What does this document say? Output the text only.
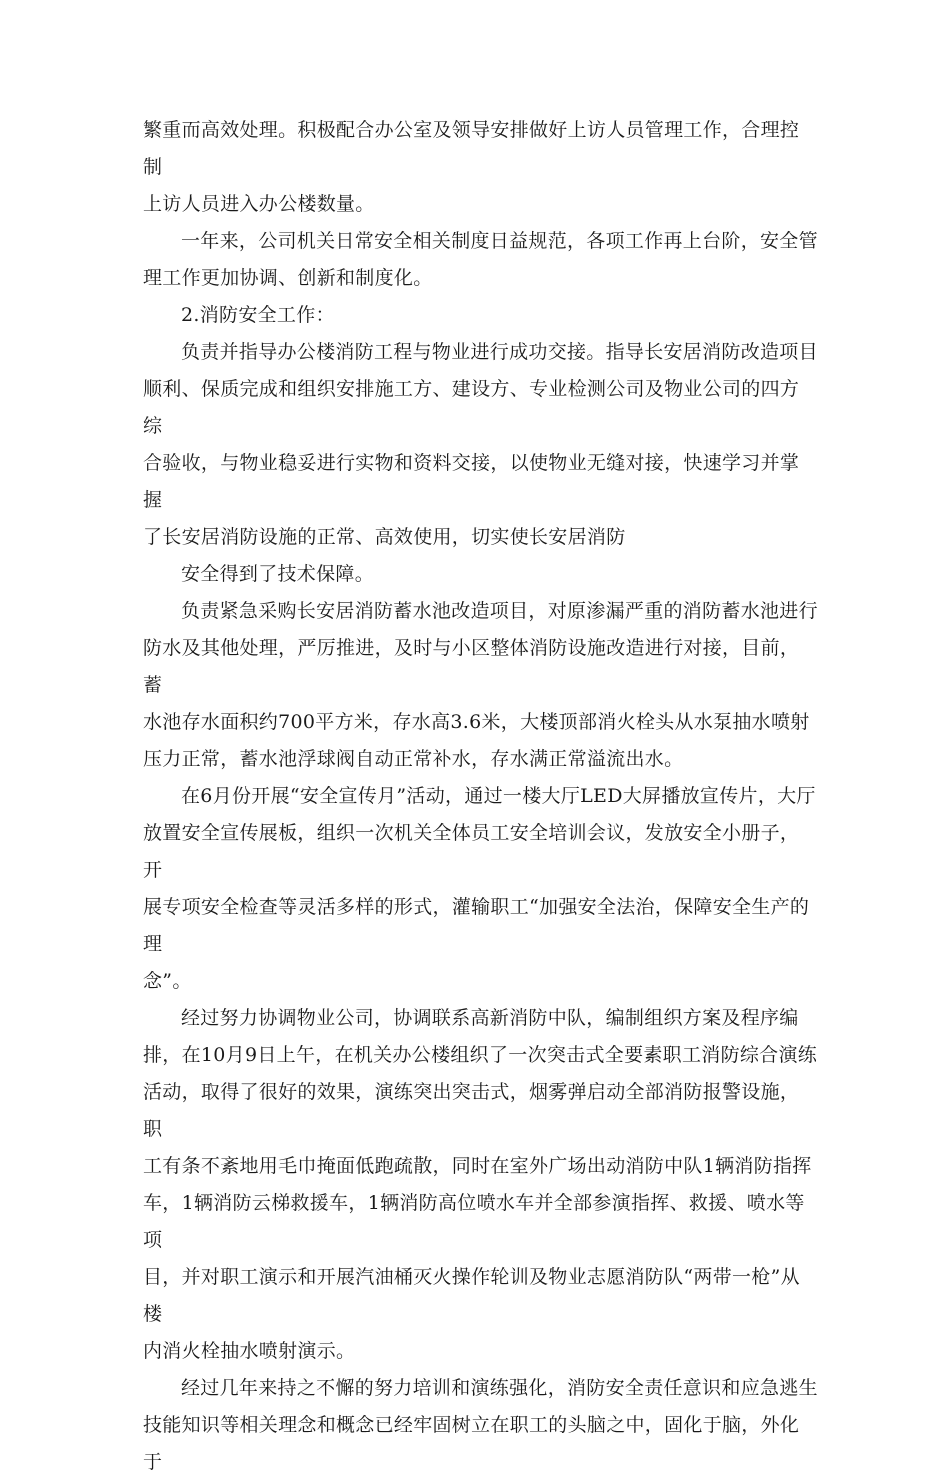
繁重而高效处理。积极配合办公室及领导安排做好上访人员管理工作，合理控制
上访人员进入办公楼数量。

一年来，公司机关日常安全相关制度日益规范，各项工作再上台阶，安全管
理工作更加协调、创新和制度化。

2.消防安全工作：

负责并指导办公楼消防工程与物业进行成功交接。指导长安居消防改造项目
顺利、保质完成和组织安排施工方、建设方、专业检测公司及物业公司的四方综
合验收，与物业稳妥进行实物和资料交接，以使物业无缝对接，快速学习并掌握
了长安居消防设施的正常、高效使用，切实使长安居消防

安全得到了技术保障。

负责紧急采购长安居消防蓄水池改造项目，对原渗漏严重的消防蓄水池进行
防水及其他处理，严厉推进，及时与小区整体消防设施改造进行对接，目前，蓄
水池存水面积约700平方米，存水高3.6米，大楼顶部消火栓头从水泵抽水喷射
压力正常，蓄水池浮球阀自动正常补水，存水满正常溢流出水。

在6月份开展“安全宣传月”活动，通过一楼大厅LED大屏播放宣传片，大厅
放置安全宣传展板，组织一次机关全体员工安全培训会议，发放安全小册子，开
展专项安全检查等灵活多样的形式，灌输职工“加强安全法治，保障安全生产的理
念”。

经过努力协调物业公司，协调联系高新消防中队，编制组织方案及程序编
排，在10月9日上午，在机关办公楼组织了一次突击式全要素职工消防综合演练
活动，取得了很好的效果，演练突出突击式，烟雾弹启动全部消防报警设施，职
工有条不紊地用毛巾掩面低跑疏散，同时在室外广场出动消防中队1辆消防指挥
车，1辆消防云梯救援车，1辆消防高位喷水车并全部参演指挥、救援、喷水等项
目，并对职工演示和开展汽油桶灭火操作轮训及物业志愿消防队“两带一枪”从楼
内消火栓抽水喷射演示。

经过几年来持之不懈的努力培训和演练强化，消防安全责任意识和应急逃生
技能知识等相关理念和概念已经牢固树立在职工的头脑之中，固化于脑，外化于
